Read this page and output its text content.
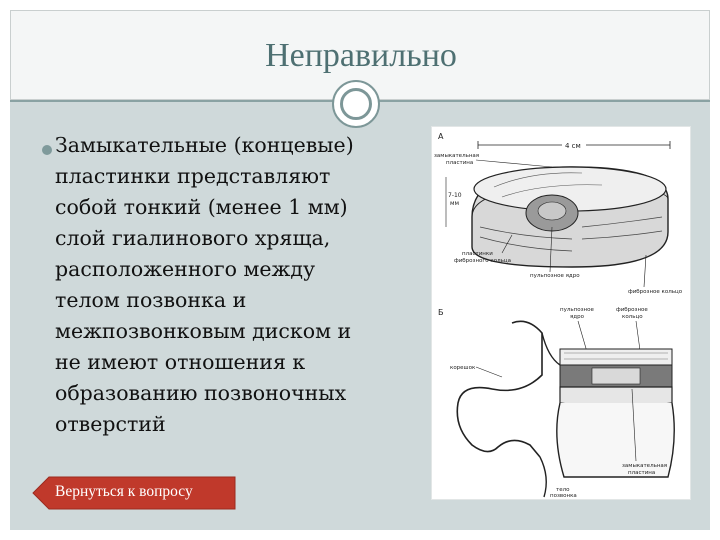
Неправильно
Замыкательные (концевые)
пластинки представляют
собой тонкий (менее 1 мм)
слой гиалинового хряща,
расположенного между
телом позвонка и
межпозвонковым диском и
не имеют отношения к
образованию позвоночных
отверстий
А
4 см
замыкательная
пластина
7-10
мм
пластинки
фиброзного кольца
пульпозное ядро
фиброзное кольцо
Б	пульпозное
ядро
фиброзное
кольцо
корешок
тело
позвонка
замыкательная
пластина
Вернуться к вопросу
